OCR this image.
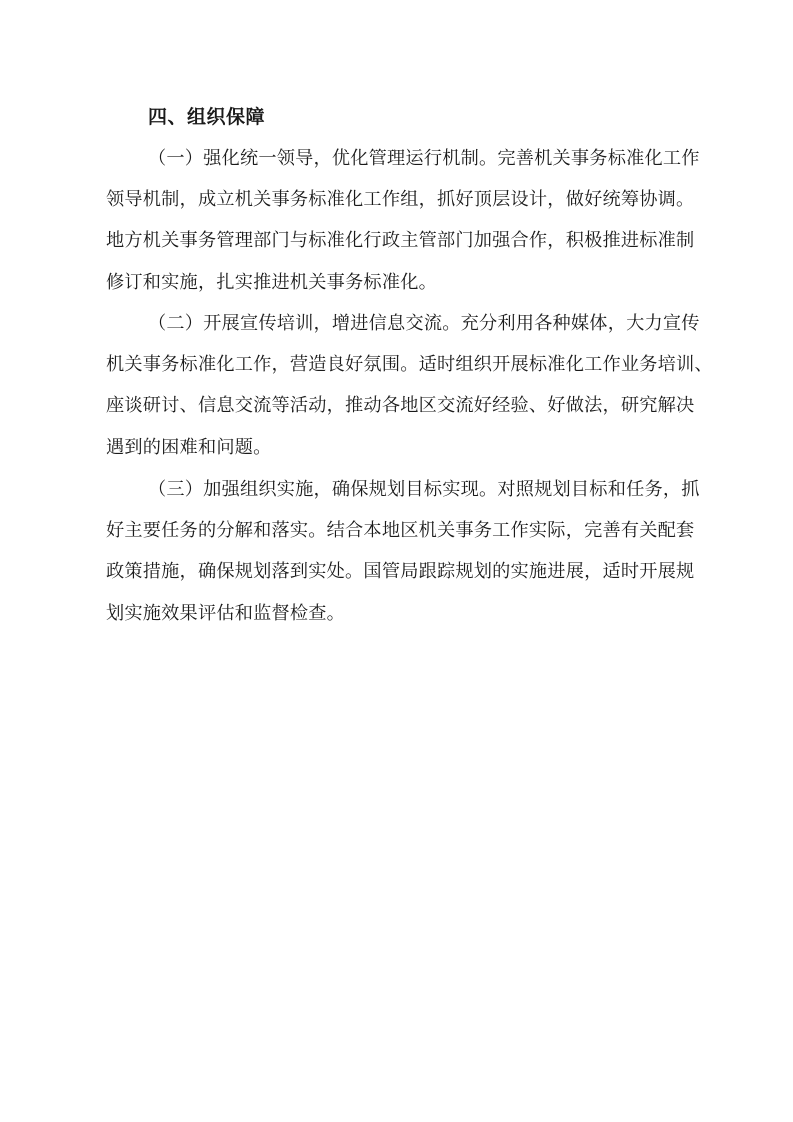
四、组织保障
（一）强化统一领导，优化管理运行机制。完善机关事务标准化工作
领导机制，成立机关事务标准化工作组，抓好顶层设计，做好统筹协调。
地方机关事务管理部门与标准化行政主管部门加强合作，积极推进标准制
修订和实施，扎实推进机关事务标准化。
（二）开展宣传培训，增进信息交流。充分利用各种媒体，大力宣传
机关事务标准化工作，营造良好氛围。适时组织开展标准化工作业务培训、
座谈研讨、信息交流等活动，推动各地区交流好经验、好做法，研究解决
遇到的困难和问题。
（三）加强组织实施，确保规划目标实现。对照规划目标和任务，抓
好主要任务的分解和落实。结合本地区机关事务工作实际，完善有关配套
政策措施，确保规划落到实处。国管局跟踪规划的实施进展，适时开展规
划实施效果评估和监督检查。
